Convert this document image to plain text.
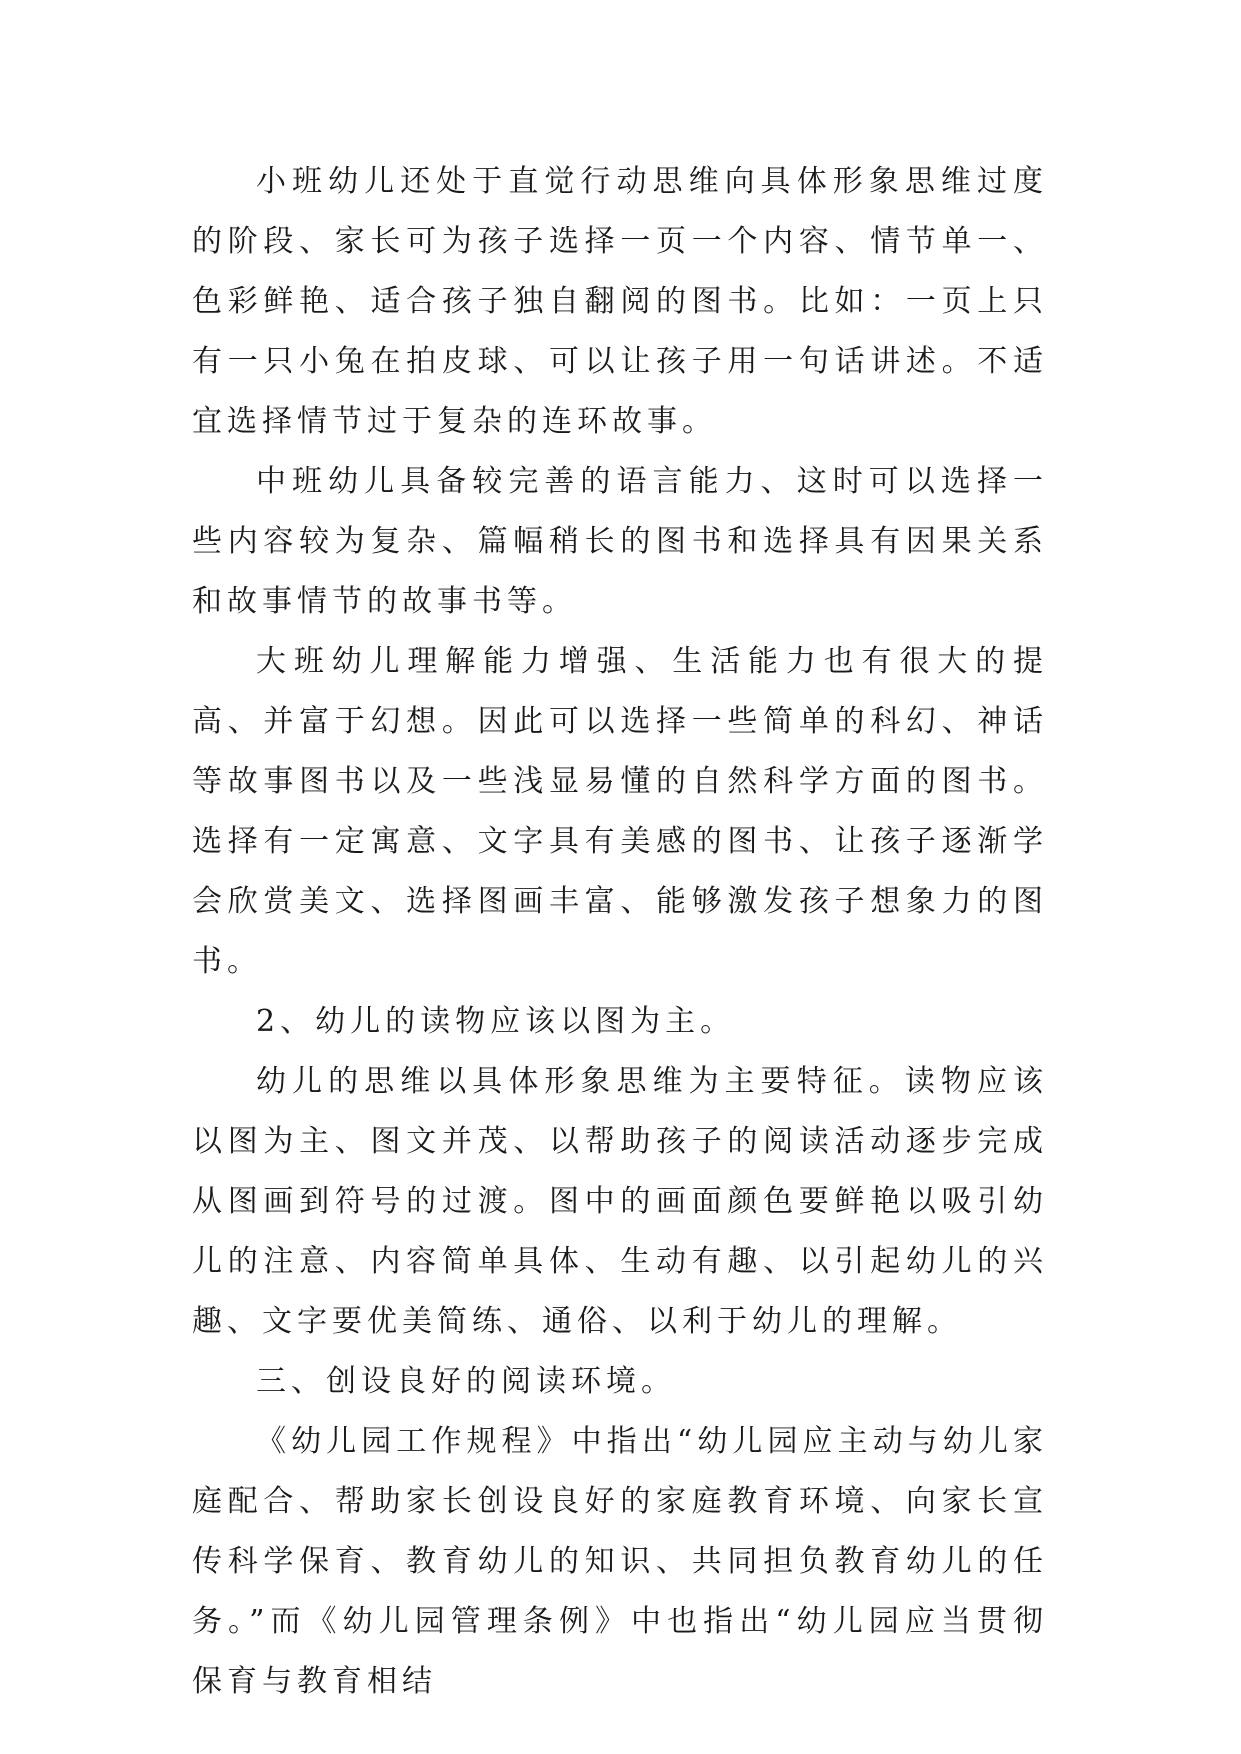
小班幼儿还处于直觉行动思维向具体形象思维过度的阶段、家长可为孩子选择一页一个内容、情节单一、色彩鲜艳、适合孩子独自翻阅的图书。比如：一页上只有一只小兔在拍皮球、可以让孩子用一句话讲述。不适宜选择情节过于复杂的连环故事。

中班幼儿具备较完善的语言能力、这时可以选择一些内容较为复杂、篇幅稍长的图书和选择具有因果关系和故事情节的故事书等。

大班幼儿理解能力增强、生活能力也有很大的提高、并富于幻想。因此可以选择一些简单的科幻、神话等故事图书以及一些浅显易懂的自然科学方面的图书。选择有一定寓意、文字具有美感的图书、让孩子逐渐学会欣赏美文、选择图画丰富、能够激发孩子想象力的图书。

2、幼儿的读物应该以图为主。

幼儿的思维以具体形象思维为主要特征。读物应该以图为主、图文并茂、以帮助孩子的阅读活动逐步完成从图画到符号的过渡。图中的画面颜色要鲜艳以吸引幼儿的注意、内容简单具体、生动有趣、以引起幼儿的兴趣、文字要优美简练、通俗、以利于幼儿的理解。

三、创设良好的阅读环境。

《幼儿园工作规程》中指出“幼儿园应主动与幼儿家庭配合、帮助家长创设良好的家庭教育环境、向家长宣传科学保育、教育幼儿的知识、共同担负教育幼儿的任务。”而《幼儿园管理条例》中也指出“幼儿园应当贯彻保育与教育相结
